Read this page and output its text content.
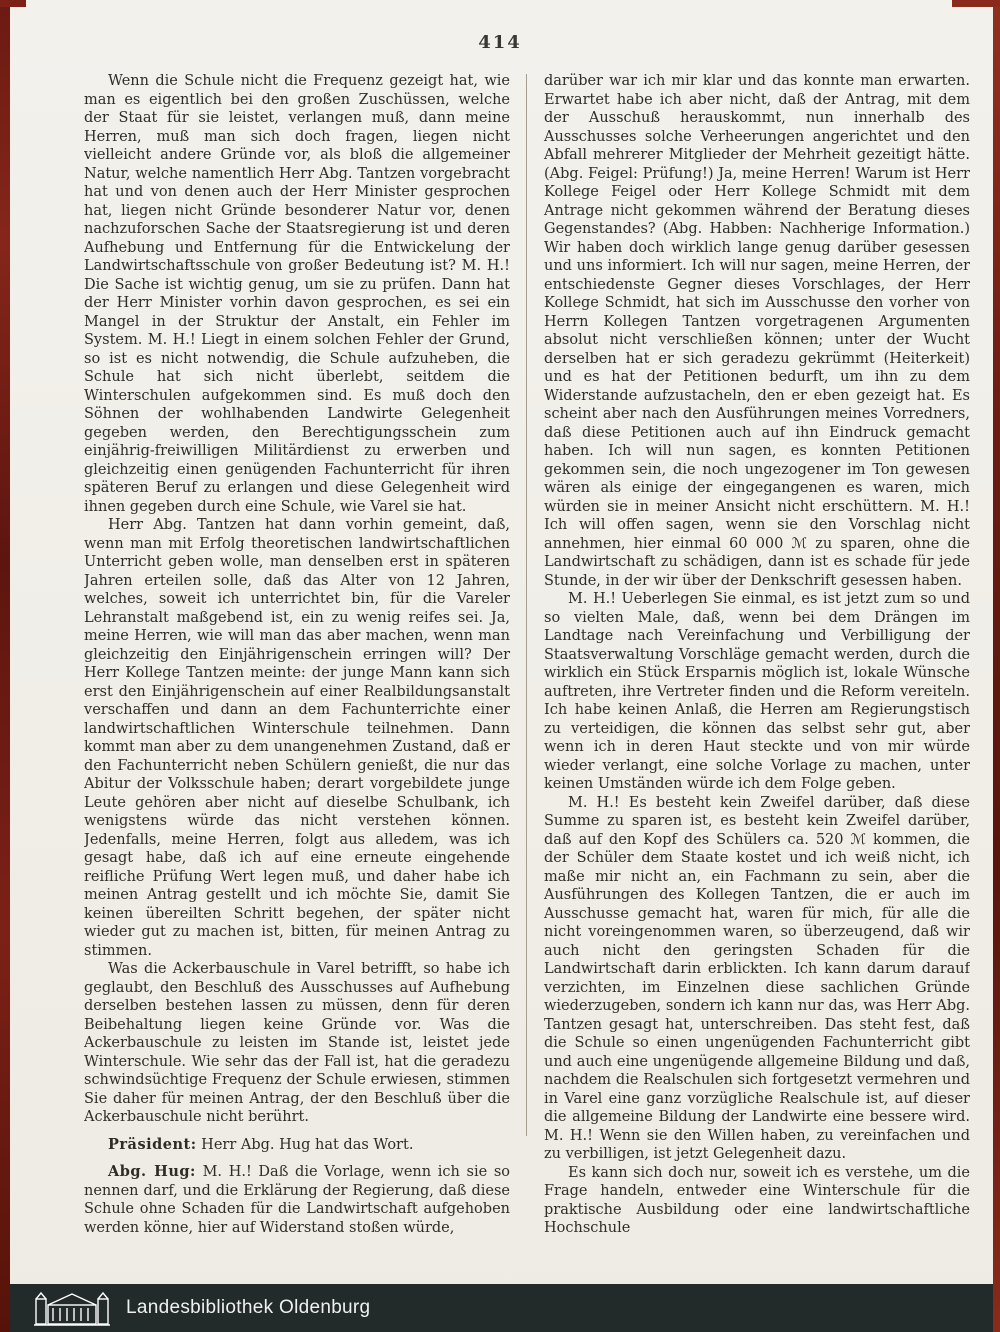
414

Wenn die Schule nicht die Frequenz gezeigt hat, wie man es eigentlich bei den großen Zuschüssen, welche der Staat für sie leistet, verlangen muß, dann meine Herren, muß man sich doch fragen, liegen nicht vielleicht andere Gründe vor, als bloß die allgemeiner Natur, welche namentlich Herr Abg. Tantzen vorgebracht hat und von denen auch der Herr Minister gesprochen hat, liegen nicht Gründe besonderer Natur vor, denen nachzuforschen Sache der Staatsregierung ist und deren Aufhebung und Entfernung für die Entwickelung der Landwirtschaftsschule von großer Bedeutung ist? M. H.! Die Sache ist wichtig genug, um sie zu prüfen. Dann hat der Herr Minister vorhin davon gesprochen, es sei ein Mangel in der Struktur der Anstalt, ein Fehler im System. M. H.! Liegt in einem solchen Fehler der Grund, so ist es nicht notwendig, die Schule aufzuheben, die Schule hat sich nicht überlebt, seitdem die Winterschulen aufgekommen sind. Es muß doch den Söhnen der wohlhabenden Landwirte Gelegenheit gegeben werden, den Berechtigungsschein zum einjährig-freiwilligen Militärdienst zu erwerben und gleichzeitig einen genügenden Fachunterricht für ihren späteren Beruf zu erlangen und diese Gelegenheit wird ihnen gegeben durch eine Schule, wie Varel sie hat.

Herr Abg. Tantzen hat dann vorhin gemeint, daß, wenn man mit Erfolg theoretischen landwirtschaftlichen Unterricht geben wolle, man denselben erst in späteren Jahren erteilen solle, daß das Alter von 12 Jahren, welches, soweit ich unterrichtet bin, für die Vareler Lehranstalt maßgebend ist, ein zu wenig reifes sei. Ja, meine Herren, wie will man das aber machen, wenn man gleichzeitig den Einjährigenschein erringen will? Der Herr Kollege Tantzen meinte: der junge Mann kann sich erst den Einjährigenschein auf einer Realbildungsanstalt verschaffen und dann an dem Fachunterrichte einer landwirtschaftlichen Winterschule teilnehmen. Dann kommt man aber zu dem unangenehmen Zustand, daß er den Fachunterricht neben Schülern genießt, die nur das Abitur der Volksschule haben; derart vorgebildete junge Leute gehören aber nicht auf dieselbe Schulbank, ich wenigstens würde das nicht verstehen können. Jedenfalls, meine Herren, folgt aus alledem, was ich gesagt habe, daß ich auf eine erneute eingehende reifliche Prüfung Wert legen muß, und daher habe ich meinen Antrag gestellt und ich möchte Sie, damit Sie keinen übereilten Schritt begehen, der später nicht wieder gut zu machen ist, bitten, für meinen Antrag zu stimmen.

Was die Ackerbauschule in Varel betrifft, so habe ich geglaubt, den Beschluß des Ausschusses auf Aufhebung derselben bestehen lassen zu müssen, denn für deren Beibehaltung liegen keine Gründe vor. Was die Ackerbauschule zu leisten im Stande ist, leistet jede Winterschule. Wie sehr das der Fall ist, hat die geradezu schwindsüchtige Frequenz der Schule erwiesen, stimmen Sie daher für meinen Antrag, der den Beschluß über die Ackerbauschule nicht berührt.

Präsident: Herr Abg. Hug hat das Wort.

Abg. Hug: M. H.! Daß die Vorlage, wenn ich sie so nennen darf, und die Erklärung der Regierung, daß diese Schule ohne Schaden für die Landwirtschaft aufgehoben werden könne, hier auf Widerstand stoßen würde,

darüber war ich mir klar und das konnte man erwarten. Erwartet habe ich aber nicht, daß der Antrag, mit dem der Ausschuß herauskommt, nun innerhalb des Ausschusses solche Verheerungen angerichtet und den Abfall mehrerer Mitglieder der Mehrheit gezeitigt hätte. (Abg. Feigel: Prüfung!) Ja, meine Herren! Warum ist Herr Kollege Feigel oder Herr Kollege Schmidt mit dem Antrage nicht gekommen während der Beratung dieses Gegenstandes? (Abg. Habben: Nachherige Information.) Wir haben doch wirklich lange genug darüber gesessen und uns informiert. Ich will nur sagen, meine Herren, der entschiedenste Gegner dieses Vorschlages, der Herr Kollege Schmidt, hat sich im Ausschusse den vorher von Herrn Kollegen Tantzen vorgetragenen Argumenten absolut nicht verschließen können; unter der Wucht derselben hat er sich geradezu gekrümmt (Heiterkeit) und es hat der Petitionen bedurft, um ihn zu dem Widerstande aufzustacheln, den er eben gezeigt hat. Es scheint aber nach den Ausführungen meines Vorredners, daß diese Petitionen auch auf ihn Eindruck gemacht haben. Ich will nun sagen, es konnten Petitionen gekommen sein, die noch ungezogener im Ton gewesen wären als einige der eingegangenen es waren, mich würden sie in meiner Ansicht nicht erschüttern. M. H.! Ich will offen sagen, wenn sie den Vorschlag nicht annehmen, hier einmal 60 000 ℳ zu sparen, ohne die Landwirtschaft zu schädigen, dann ist es schade für jede Stunde, in der wir über der Denkschrift gesessen haben.

M. H.! Ueberlegen Sie einmal, es ist jetzt zum so und so vielten Male, daß, wenn bei dem Drängen im Landtage nach Vereinfachung und Verbilligung der Staatsverwaltung Vorschläge gemacht werden, durch die wirklich ein Stück Ersparnis möglich ist, lokale Wünsche auftreten, ihre Vertreter finden und die Reform vereiteln. Ich habe keinen Anlaß, die Herren am Regierungstisch zu verteidigen, die können das selbst sehr gut, aber wenn ich in deren Haut steckte und von mir würde wieder verlangt, eine solche Vorlage zu machen, unter keinen Umständen würde ich dem Folge geben.

M. H.! Es besteht kein Zweifel darüber, daß diese Summe zu sparen ist, es besteht kein Zweifel darüber, daß auf den Kopf des Schülers ca. 520 ℳ kommen, die der Schüler dem Staate kostet und ich weiß nicht, ich maße mir nicht an, ein Fachmann zu sein, aber die Ausführungen des Kollegen Tantzen, die er auch im Ausschusse gemacht hat, waren für mich, für alle die nicht voreingenommen waren, so überzeugend, daß wir auch nicht den geringsten Schaden für die Landwirtschaft darin erblickten. Ich kann darum darauf verzichten, im Einzelnen diese sachlichen Gründe wiederzugeben, sondern ich kann nur das, was Herr Abg. Tantzen gesagt hat, unterschreiben. Das steht fest, daß die Schule so einen ungenügenden Fachunterricht gibt und auch eine ungenügende allgemeine Bildung und daß, nachdem die Realschulen sich fortgesetzt vermehren und in Varel eine ganz vorzügliche Realschule ist, auf dieser die allgemeine Bildung der Landwirte eine bessere wird. M. H.! Wenn sie den Willen haben, zu vereinfachen und zu verbilligen, ist jetzt Gelegenheit dazu.

Es kann sich doch nur, soweit ich es verstehe, um die Frage handeln, entweder eine Winterschule für die praktische Ausbildung oder eine landwirtschaftliche Hochschule

Landesbibliothek Oldenburg
